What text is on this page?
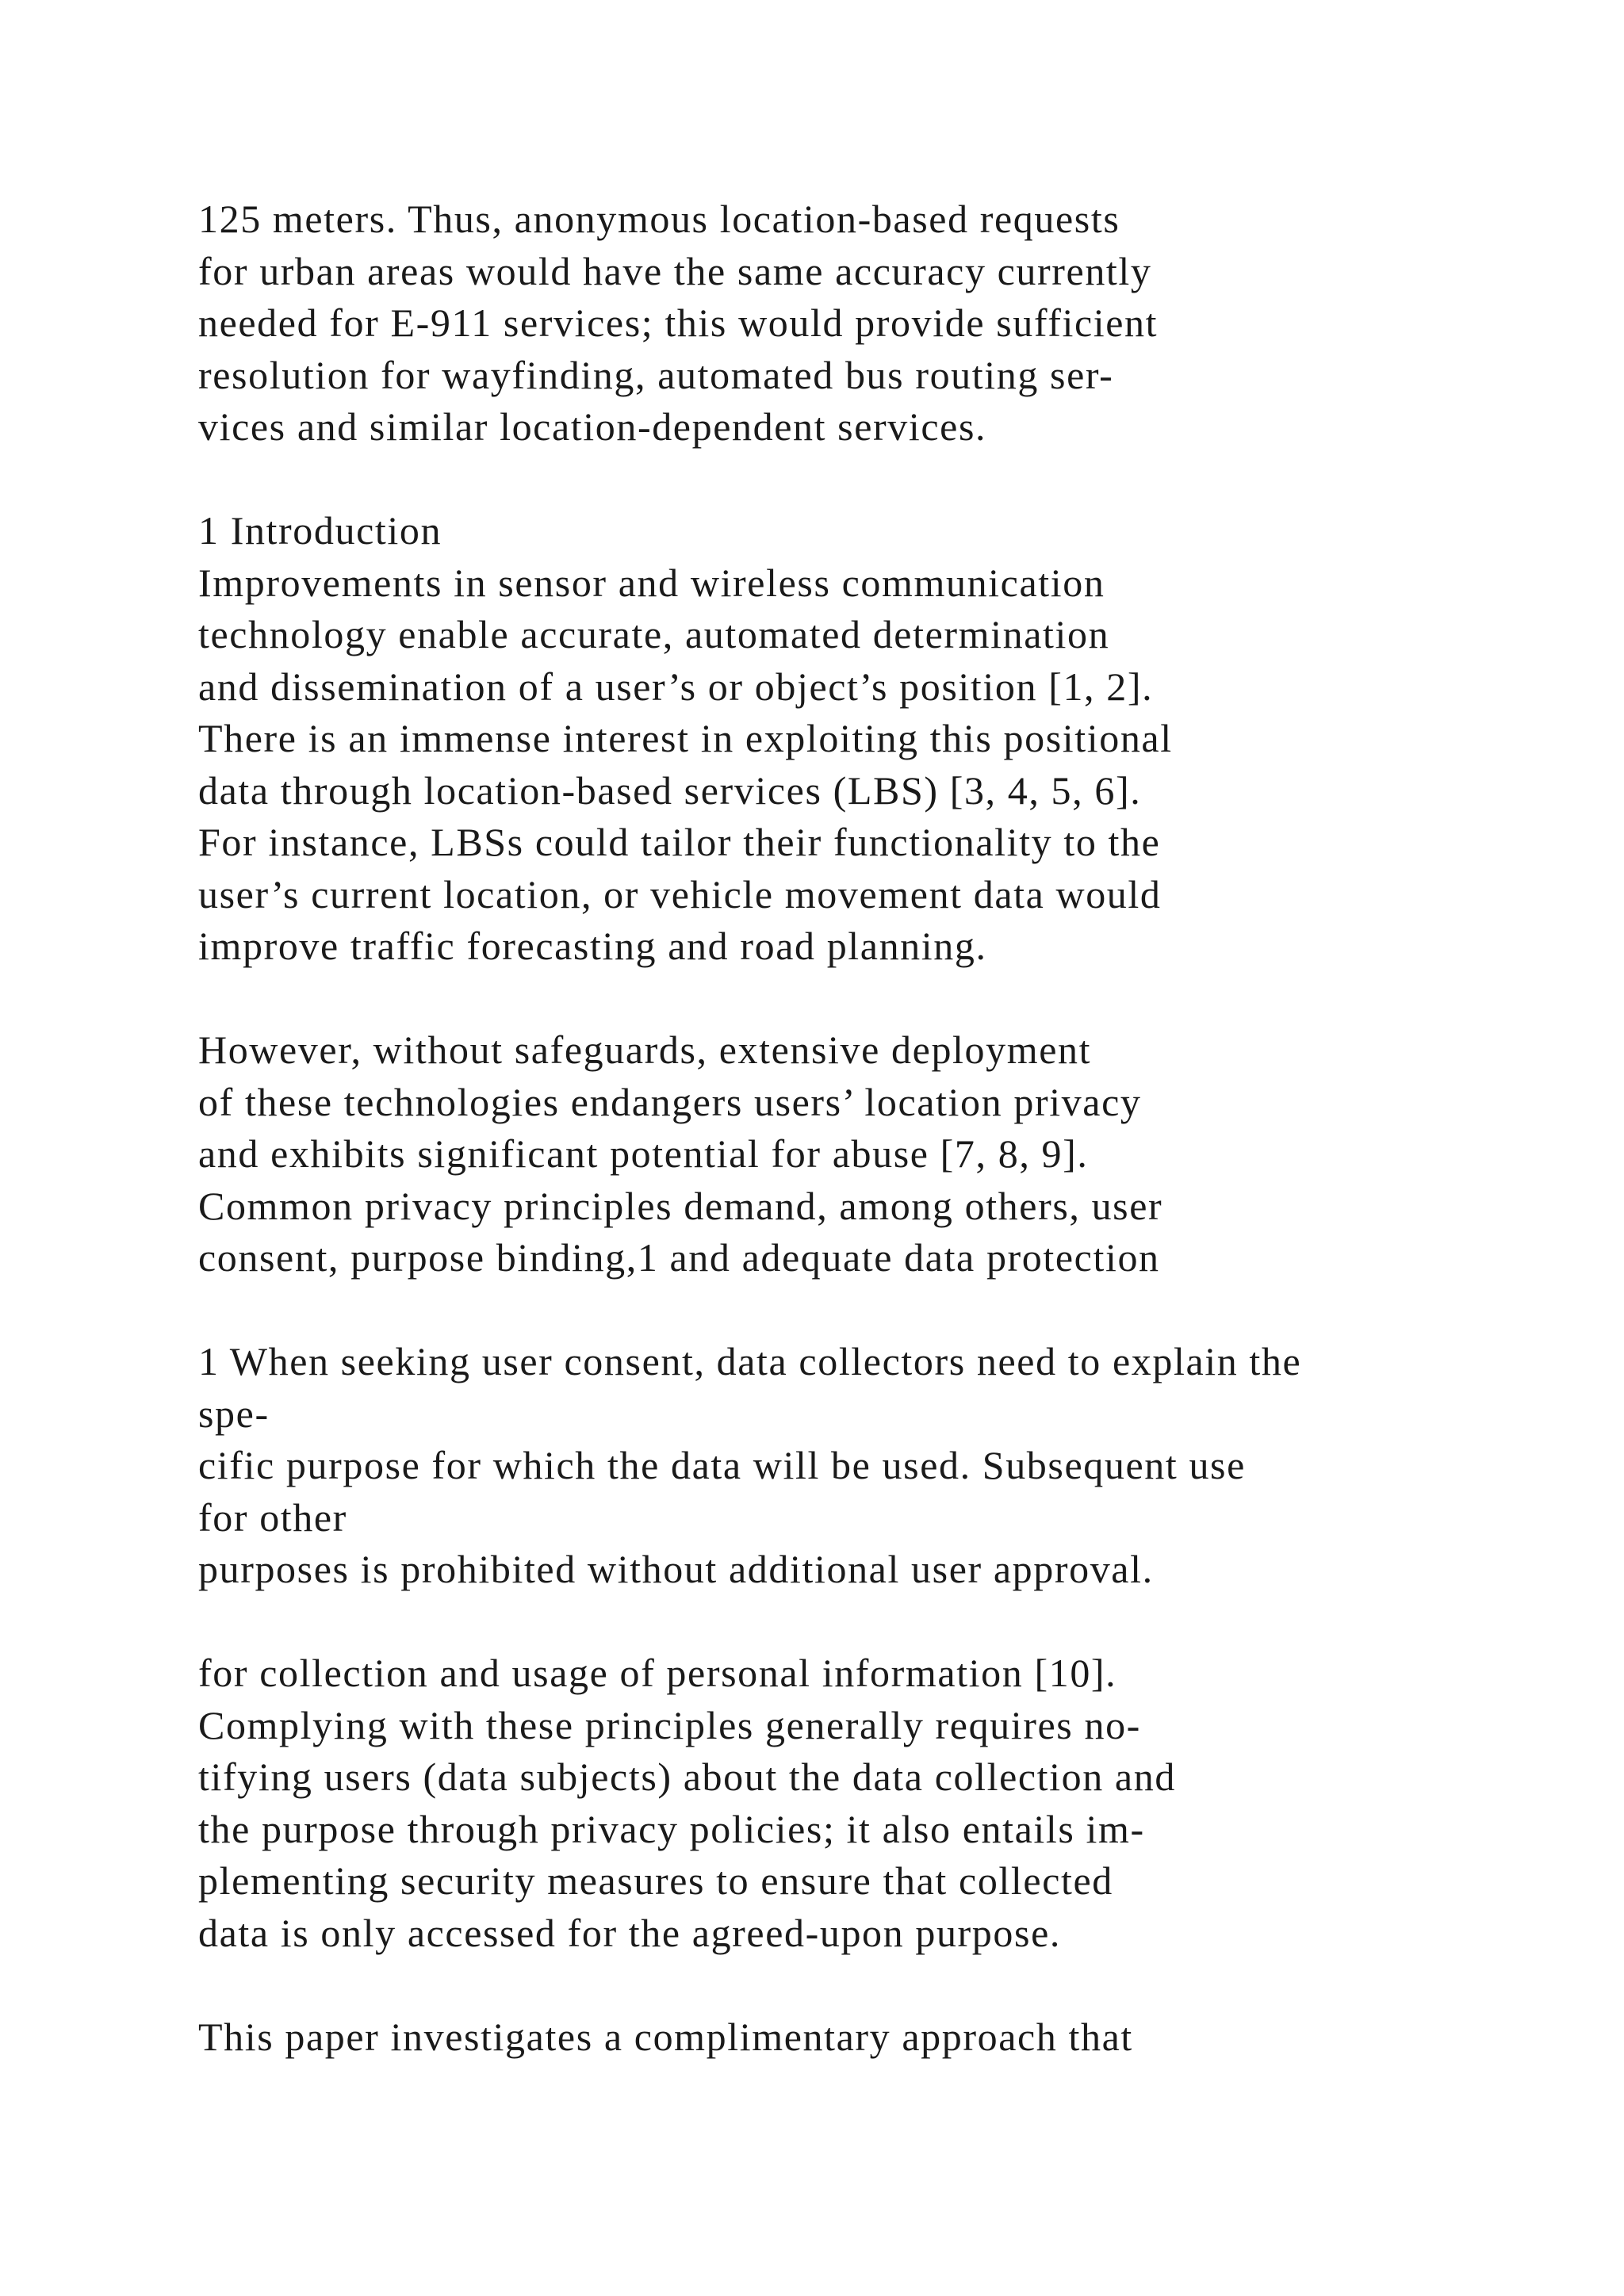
125 meters. Thus, anonymous location-based requests
for urban areas would have the same accuracy currently
needed for E-911 services; this would provide sufficient
resolution for wayfinding, automated bus routing ser-
vices and similar location-dependent services.

1 Introduction
Improvements in sensor and wireless communication
technology enable accurate, automated determination
and dissemination of a user’s or object’s position [1, 2].
There is an immense interest in exploiting this positional
data through location-based services (LBS) [3, 4, 5, 6].
For instance, LBSs could tailor their functionality to the
user’s current location, or vehicle movement data would
improve traffic forecasting and road planning.

However, without safeguards, extensive deployment
of these technologies endangers users’ location privacy
and exhibits significant potential for abuse [7, 8, 9].
Common privacy principles demand, among others, user
consent, purpose binding,1 and adequate data protection

1 When seeking user consent, data collectors need to explain the
spe-
cific purpose for which the data will be used. Subsequent use
for other
purposes is prohibited without additional user approval.

for collection and usage of personal information [10].
Complying with these principles generally requires no-
tifying users (data subjects) about the data collection and
the purpose through privacy policies; it also entails im-
plementing security measures to ensure that collected
data is only accessed for the agreed-upon purpose.

This paper investigates a complimentary approach that
